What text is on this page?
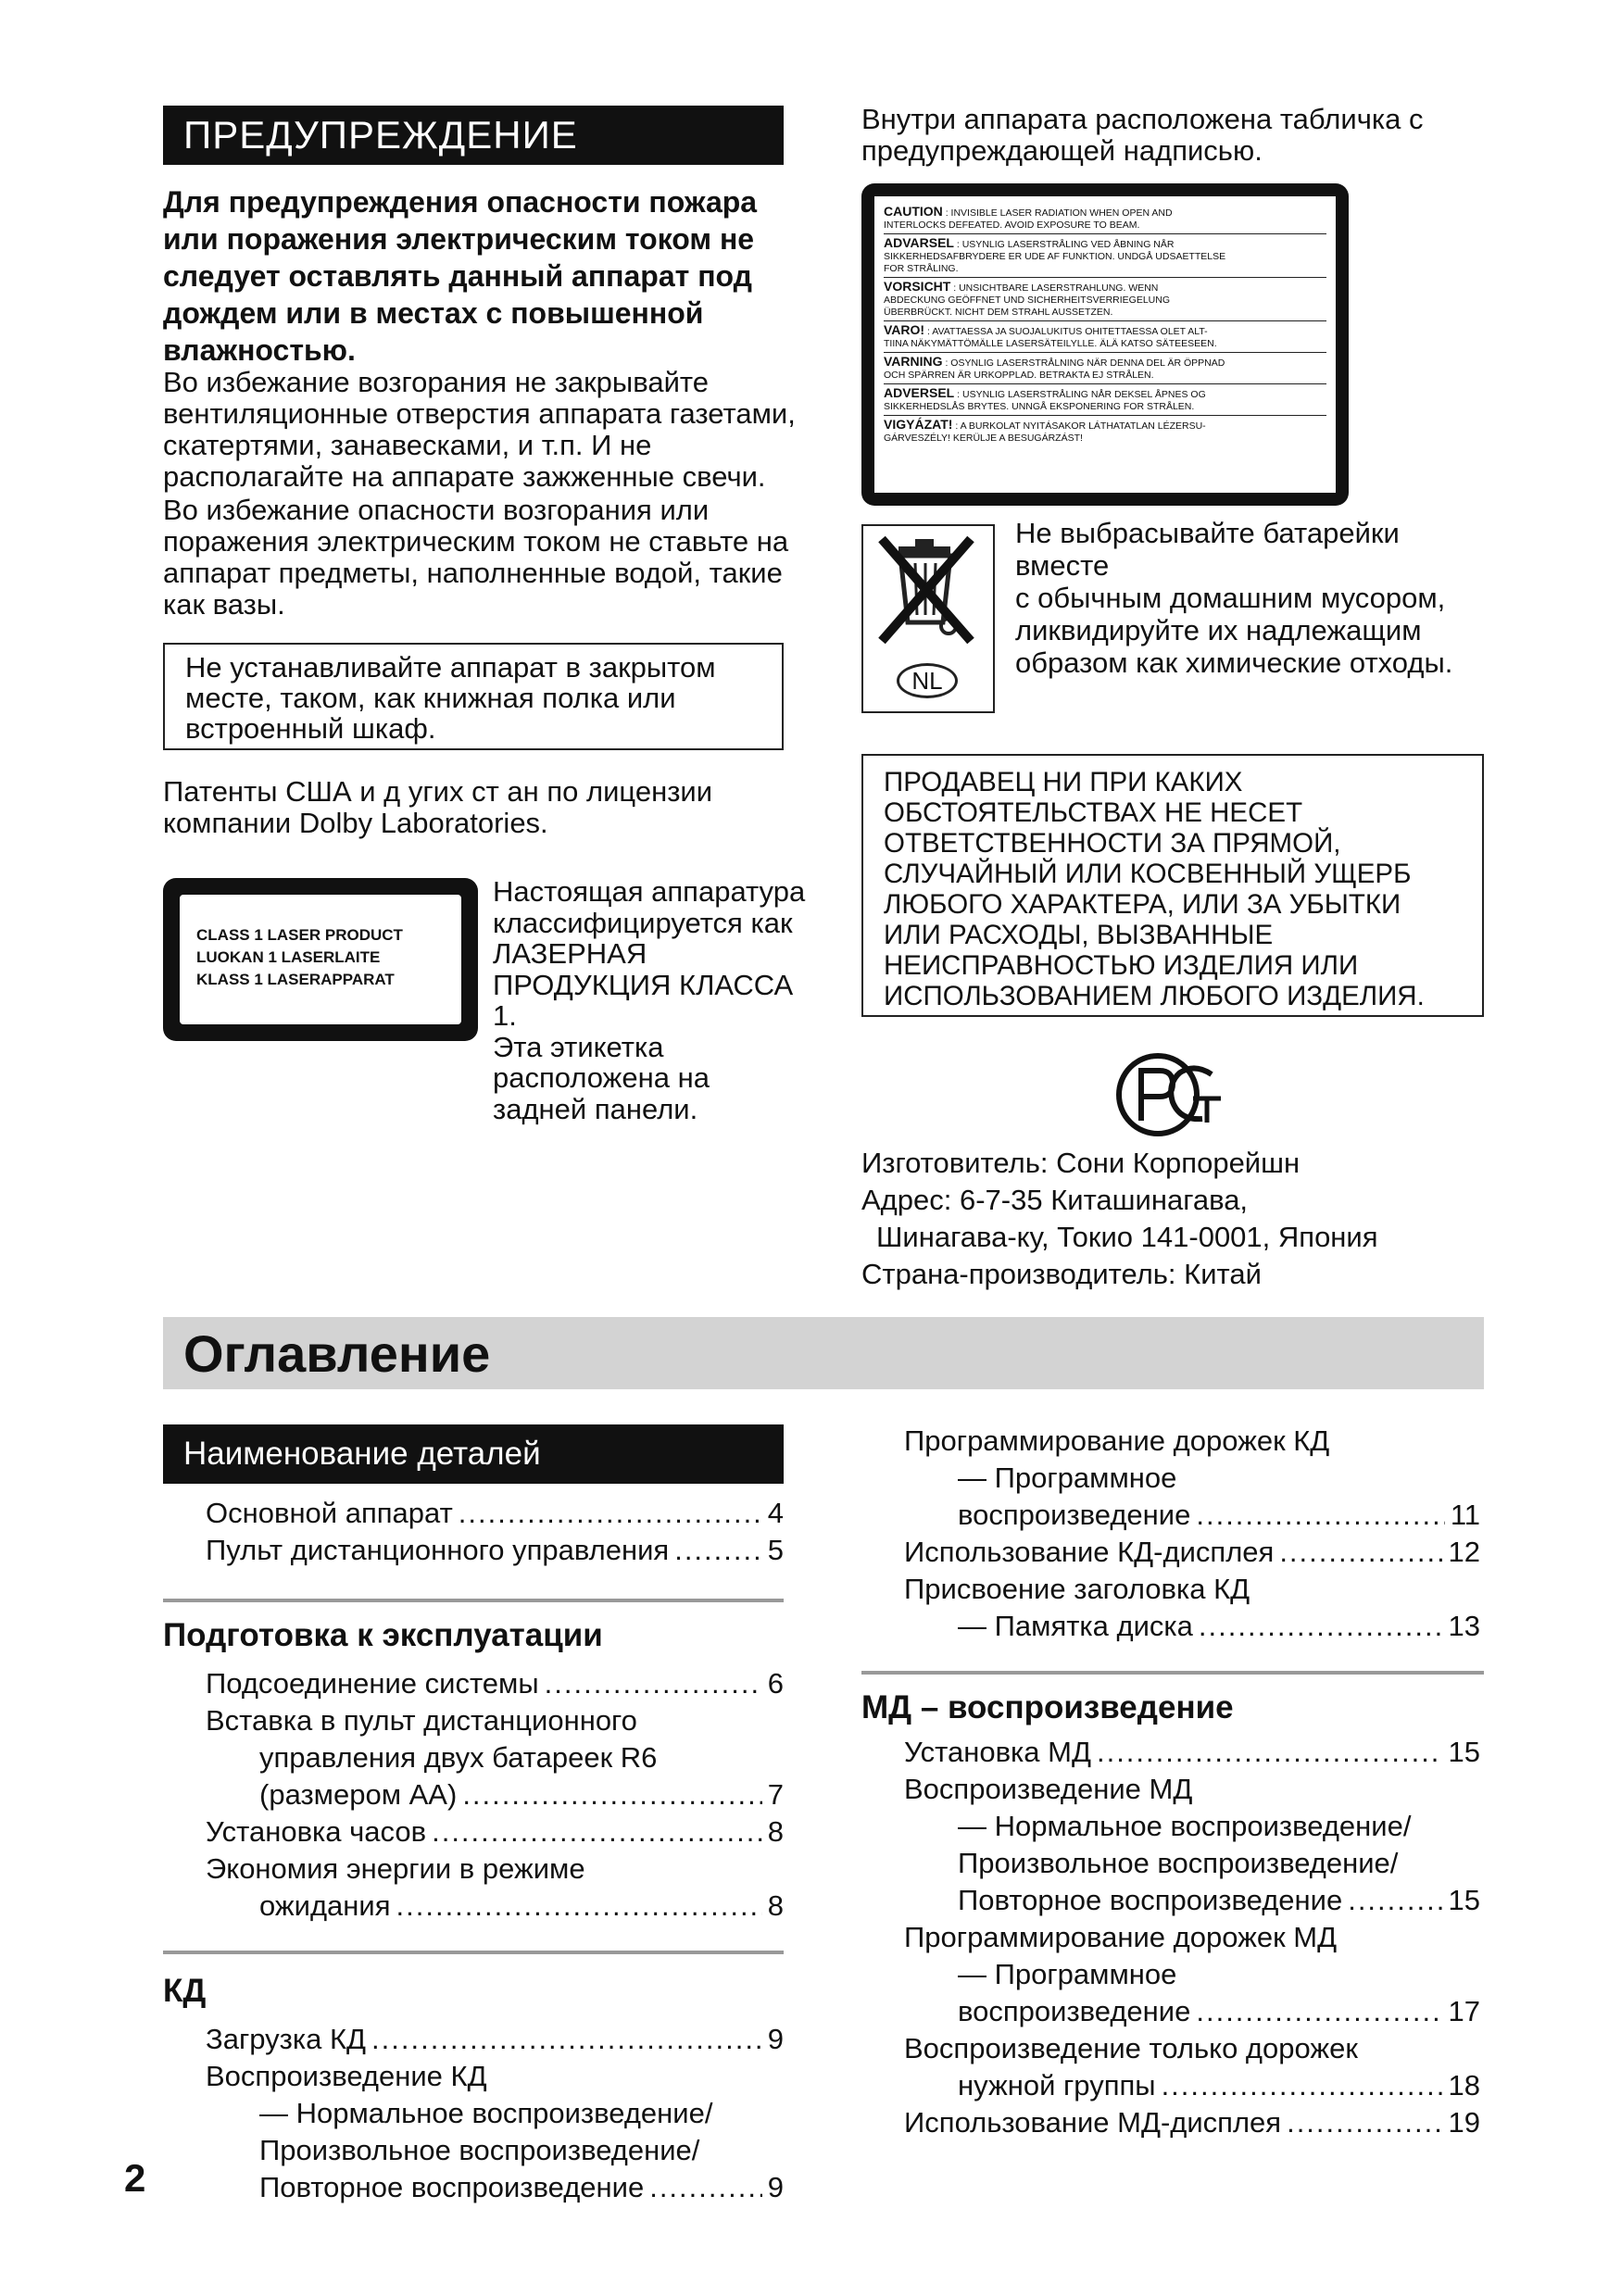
ПРЕДУПРЕЖДЕНИЕ
Для предупреждения опасности пожара
или поражения электрическим током не
следует оставлять данный аппарат под
дождем или в местах с повышенной
влажностью.
Во избежание возгорания не закрывайте
вентиляционные отверстия аппарата газетами,
скатертями, занавесками, и т.п. И не
располагайте на аппарате зажженные свечи.
Во избежание опасности возгорания или
поражения электрическим током не ставьте на
аппарат предметы, наполненные водой, такие
как вазы.
Не устанавливайте аппарат в закрытом
месте, таком, как книжная полка или
встроенный шкаф.
Патенты США и д угих ст ан по лицензии
компании Dolby Laboratories.
CLASS 1 LASER PRODUCT
LUOKAN 1 LASERLAITE
KLASS 1 LASERAPPARAT
Настоящая аппаратура
классифицируется как
ЛАЗЕРНАЯ
ПРОДУКЦИЯ КЛАССА
1.
Эта этикетка
расположена на
задней панели.
Внутри аппарата расположена табличка с
предупреждающей надписью.
CAUTION : INVISIBLE LASER RADIATION WHEN OPEN AND
INTERLOCKS DEFEATED. AVOID EXPOSURE TO BEAM.
ADVARSEL : USYNLIG LASERSTRÅLING VED ÅBNING NÅR
SIKKERHEDSAFBRYDERE ER UDE AF FUNKTION. UNDGÅ UDSAETTELSE
FOR STRÅLING.
VORSICHT : UNSICHTBARE LASERSTRAHLUNG. WENN
ABDECKUNG GEÖFFNET UND SICHERHEITSVERRIEGELUNG
ÜBERBRÜCKT. NICHT DEM STRAHL AUSSETZEN.
VARO! : AVATTAESSA JA SUOJALUKITUS OHITETTAESSA OLET ALT-
TIINA NÄKYMÄTTÖMÄLLE LASERSÄTEILYLLE. ÄLÄ KATSO SÄTEESEEN.
VARNING : OSYNLIG LASERSTRÅLNING NÄR DENNA DEL ÄR ÖPPNAD
OCH SPÄRREN ÄR URKOPPLAD. BETRAKTA EJ STRÅLEN.
ADVERSEL : USYNLIG LASERSTRÅLING NÅR DEKSEL ÅPNES OG
SIKKERHEDSLÅS BRYTES. UNNGÅ EKSPONERING FOR STRÅLEN.
VIGYÁZAT! : A BURKOLAT NYITÁSAKOR LÁTHATATLAN LÉZERSU-
GÁRVESZÉLY! KERÜLJE A BESUGÁRZÁST!
NL
Не выбрасывайте батарейки вместе
с обычным домашним мусором,
ликвидируйте их надлежащим
образом как химические отходы.
ПРОДАВЕЦ НИ ПРИ КАКИХ
ОБСТОЯТЕЛЬСТВАХ НЕ НЕСЕТ
ОТВЕТСТВЕННОСТИ ЗА ПРЯМОЙ,
СЛУЧАЙНЫЙ ИЛИ КОСВЕННЫЙ УЩЕРБ
ЛЮБОГО ХАРАКТЕРА, ИЛИ ЗА УБЫТКИ
ИЛИ РАСХОДЫ, ВЫЗВАННЫЕ
НЕИСПРАВНОСТЬЮ ИЗДЕЛИЯ ИЛИ
ИСПОЛЬЗОВАНИЕМ ЛЮБОГО ИЗДЕЛИЯ.
Изготовитель: Сони Корпорейшн
Адрес: 6-7-35 Киташинагава,
Шинагава-ку, Токио 141-0001, Япония
Страна-производитель: Китай
Оглавление
Наименование деталей
Основной аппарат .....	4
Пульт дистанционного управления .....	5
Подготовка к эксплуатации
Подсоединение системы .....	6
Вставка в пульт дистанционного
управления двух батареек R6
(размером АА) .....	7
Установка часов .....	8
Экономия энергии в режиме
ожидания .....	8
КД
Загрузка КД .....	9
Воспроизведение КД
— Нормальное воспроизведение/
Произвольное воспроизведение/
Повторное воспроизведение .....	9
2
Программирование дорожек КД
— Программное
воспроизведение .....	11
Использование КД-дисплея .....	12
Присвоение заголовка КД
— Памятка диска .....	13
МД – воспроизведение
Установка МД .....	15
Воспроизведение МД
— Нормальное воспроизведение/
Произвольное воспроизведение/
Повторное воспроизведение .....	15
Программирование дорожек МД
— Программное
воспроизведение .....	17
Воспроизведение только дорожек
нужной группы .....	18
Использование МД-дисплея .....	19
